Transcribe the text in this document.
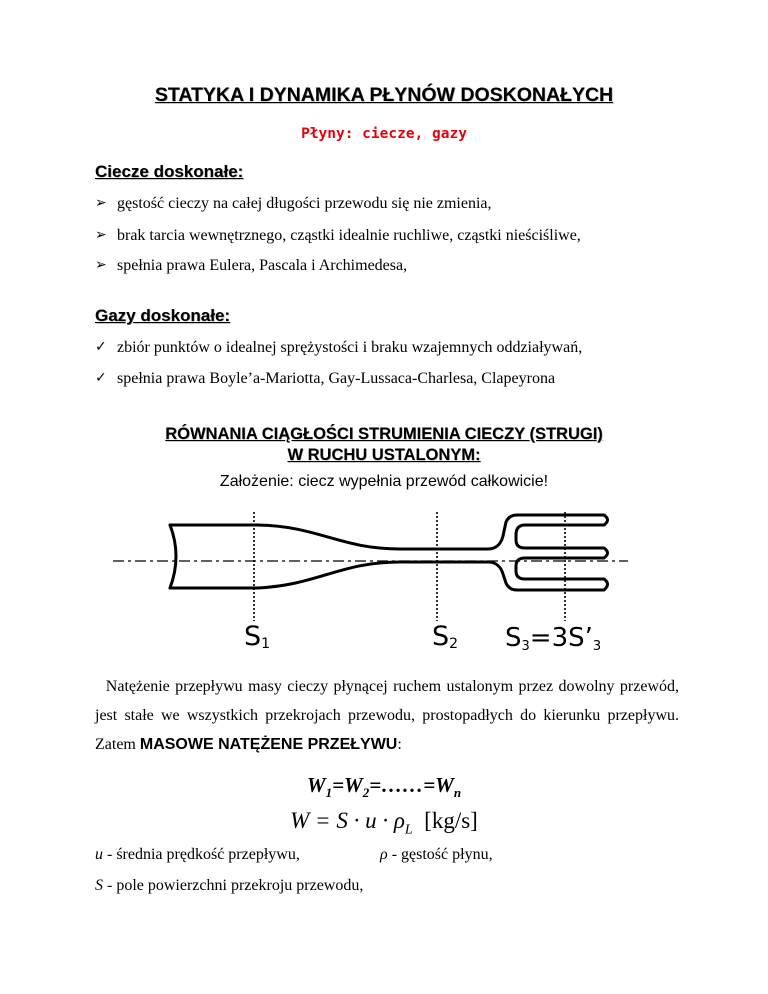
STATYKA I DYNAMIKA PŁYNÓW DOSKONAŁYCH
Płyny: ciecze, gazy
Ciecze doskonałe:
➢ gęstość cieczy na całej długości przewodu się nie zmienia,
➢ brak tarcia wewnętrznego, cząstki idealnie ruchliwe, cząstki nieściśliwe,
➢ spełnia prawa Eulera, Pascala i Archimedesa,
Gazy doskonałe:
✓ zbiór punktów o idealnej sprężystości i braku wzajemnych oddziaływań,
✓ spełnia prawa Boyle’a-Mariotta, Gay-Lussaca-Charlesa, Clapeyrona
RÓWNANIA CIĄGŁOŚCI STRUMIENIA CIECZY (STRUGI)
W RUCHU USTALONYM:
Założenie: ciecz wypełnia przewód całkowicie!
S1	S2 S3=3S’3
Natężenie przepływu masy cieczy płynącej ruchem ustalonym przez dowolny przewód, jest stałe we wszystkich przekrojach przewodu, prostopadłych do kierunku przepływu. Zatem MASOWE NATĘŻENE PRZEŁYWU:
$W_1=W_2=\dots\dots=W_n$
$W = S \cdot u \cdot \rho_L$ [kg/s]
u - średnia prędkość przepływu,	ρ - gęstość płynu,
S - pole powierzchni przekroju przewodu,
